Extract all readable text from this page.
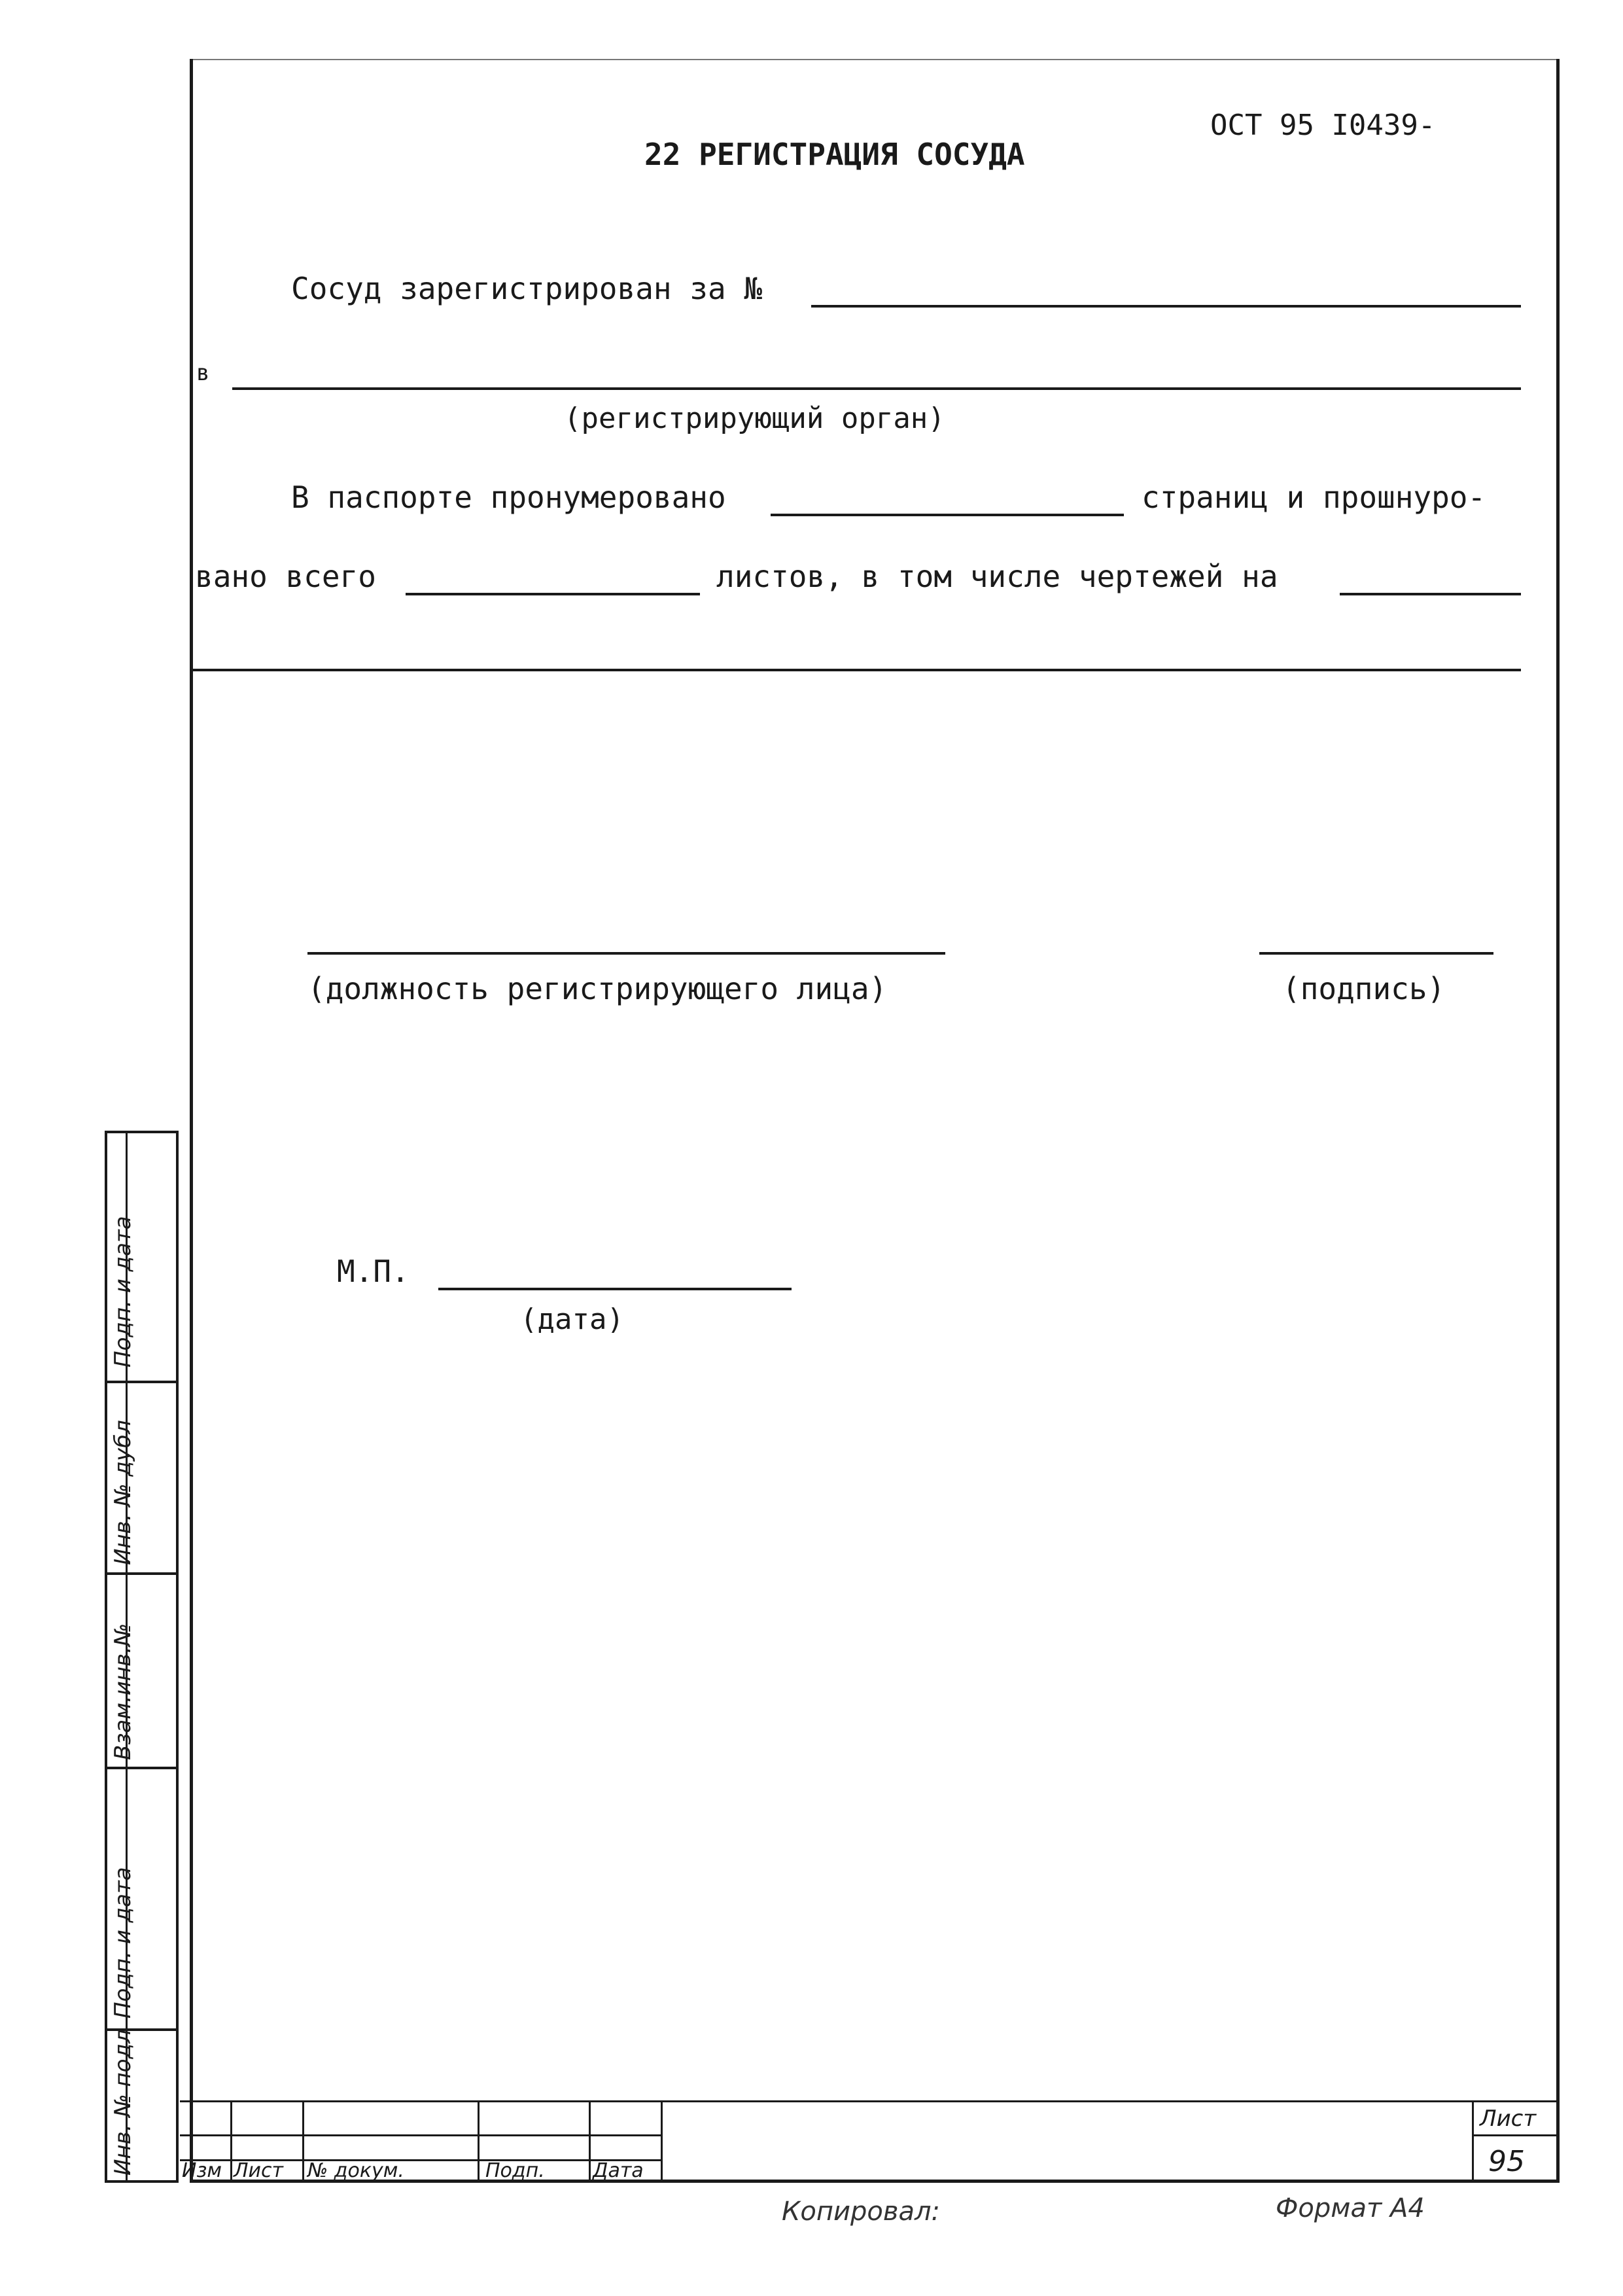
ОСТ 95 I0439-
22 РЕГИСТРАЦИЯ СОСУДА
Сосуд зарегистрирован за №
в
(регистрирующий орган)
В паспорте пронумеровано	страниц и прошнуро-
вано всего	листов, в том числе чертежей на
(должность регистрирующего лица)	(подпись)
М.П.
(дата)
Подп. и дата
Инв. № дубл
Взам.инв.№
Подп. и дата
Инв. № подл Изм Лист № докум.	Подп. Дата
Лист
95
Копировал:	Формат А4
